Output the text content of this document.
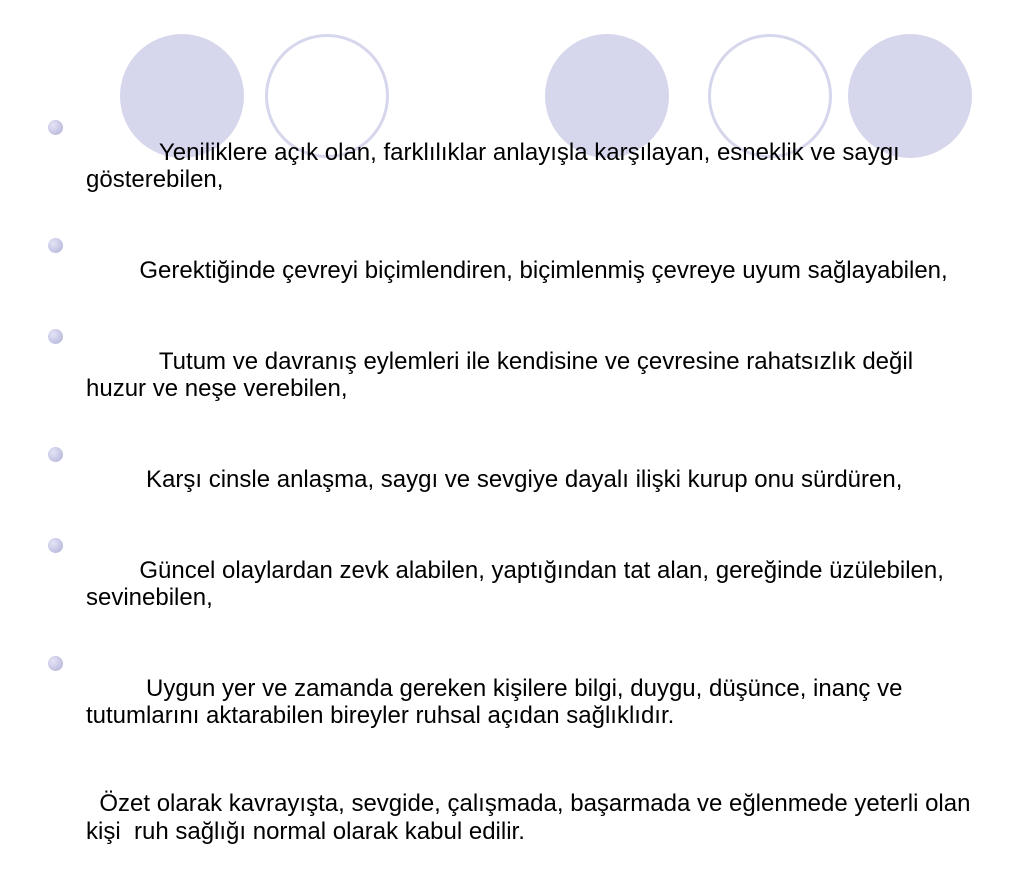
Yeniliklere açık olan, farklılıklar anlayışla karşılayan, esneklik ve saygı gösterebilen,

Gerektiğinde çevreyi biçimlendiren, biçimlenmiş çevreye uyum sağlayabilen,

Tutum ve davranış eylemleri ile kendisine ve çevresine rahatsızlık değil huzur ve neşe verebilen,

Karşı cinsle anlaşma, saygı ve sevgiye dayalı ilişki kurup onu sürdüren,

Güncel olaylardan zevk alabilen, yaptığından tat alan, gereğinde üzülebilen, sevinebilen,

Uygun yer ve zamanda gereken kişilere bilgi, duygu, düşünce, inanç ve tutumlarını aktarabilen bireyler ruhsal açıdan sağlıklıdır.

Özet olarak kavrayışta, sevgide, çalışmada, başarmada ve eğlenmede yeterli olan kişi  ruh sağlığı normal olarak kabul edilir.
